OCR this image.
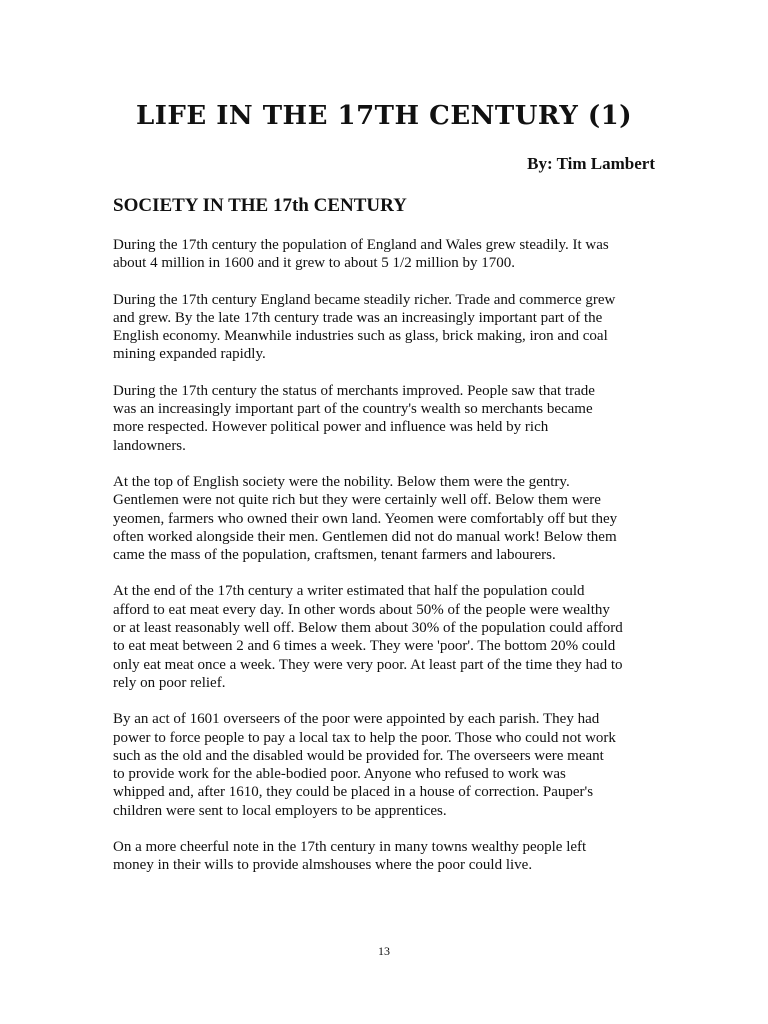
LIFE IN THE 17TH CENTURY (1)

By: Tim Lambert

SOCIETY IN THE 17th CENTURY

During the 17th century the population of England and Wales grew steadily. It was
about 4 million in 1600 and it grew to about 5 1/2 million by 1700.

During the 17th century England became steadily richer. Trade and commerce grew
and grew. By the late 17th century trade was an increasingly important part of the
English economy. Meanwhile industries such as glass, brick making, iron and coal
mining expanded rapidly.

During the 17th century the status of merchants improved. People saw that trade
was an increasingly important part of the country's wealth so merchants became
more respected. However political power and influence was held by rich
landowners.

At the top of English society were the nobility. Below them were the gentry.
Gentlemen were not quite rich but they were certainly well off. Below them were
yeomen, farmers who owned their own land. Yeomen were comfortably off but they
often worked alongside their men. Gentlemen did not do manual work! Below them
came the mass of the population, craftsmen, tenant farmers and labourers.

At the end of the 17th century a writer estimated that half the population could
afford to eat meat every day. In other words about 50% of the people were wealthy
or at least reasonably well off. Below them about 30% of the population could afford
to eat meat between 2 and 6 times a week. They were 'poor'. The bottom 20% could
only eat meat once a week. They were very poor. At least part of the time they had to
rely on poor relief.

By an act of 1601 overseers of the poor were appointed by each parish. They had
power to force people to pay a local tax to help the poor. Those who could not work
such as the old and the disabled would be provided for. The overseers were meant
to provide work for the able-bodied poor. Anyone who refused to work was
whipped and, after 1610, they could be placed in a house of correction. Pauper's
children were sent to local employers to be apprentices.

On a more cheerful note in the 17th century in many towns wealthy people left
money in their wills to provide almshouses where the poor could live.

13
